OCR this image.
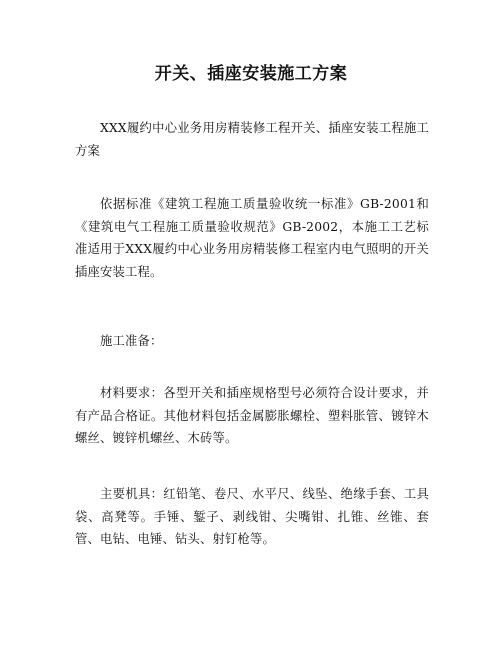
开关、插座安装施工方案
XXX履约中心业务用房精装修工程开关、插座安装工程施工方案
依据标准《建筑工程施工质量验收统一标准》GB-2001和《建筑电气工程施工质量验收规范》GB-2002，本施工工艺标准适用于XXX履约中心业务用房精装修工程室内电气照明的开关插座安装工程。
施工准备：
材料要求：各型开关和插座规格型号必须符合设计要求，并有产品合格证。其他材料包括金属膨胀螺栓、塑料胀管、镀锌木螺丝、镀锌机螺丝、木砖等。
主要机具：红铅笔、卷尺、水平尺、线坠、绝缘手套、工具袋、高凳等。手锤、錾子、剥线钳、尖嘴钳、扎锥、丝锥、套管、电钻、电锤、钻头、射钉枪等。
